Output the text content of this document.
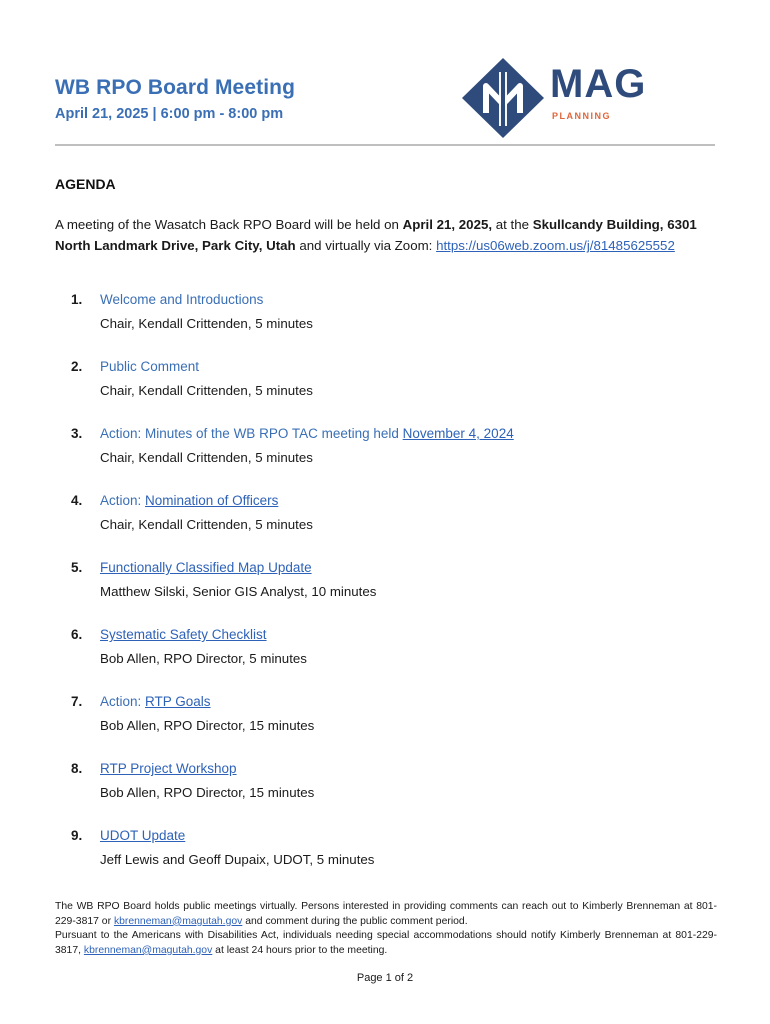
WB RPO Board Meeting
April 21, 2025 | 6:00 pm - 8:00 pm
MAG
PLANNING
AGENDA

A meeting of the Wasatch Back RPO Board will be held on April 21, 2025, at the Skullcandy Building, 6301 North Landmark Drive, Park City, Utah and virtually via Zoom: https://us06web.zoom.us/j/81485625552

1.	Welcome and Introductions
Chair, Kendall Crittenden, 5 minutes
2.	Public Comment
Chair, Kendall Crittenden, 5 minutes
3.	Action: Minutes of the WB RPO TAC meeting held November 4, 2024
Chair, Kendall Crittenden, 5 minutes
4.	Action: Nomination of Officers
Chair, Kendall Crittenden, 5 minutes
5.	Functionally Classified Map Update
Matthew Silski, Senior GIS Analyst, 10 minutes
6.	Systematic Safety Checklist
Bob Allen, RPO Director, 5 minutes
7.	Action: RTP Goals
Bob Allen, RPO Director, 15 minutes
8.	RTP Project Workshop
Bob Allen, RPO Director, 15 minutes
9.	UDOT Update
Jeff Lewis and Geoff Dupaix, UDOT, 5 minutes
The WB RPO Board holds public meetings virtually. Persons interested in providing comments can reach out to Kimberly Brenneman at 801-229-3817 or kbrenneman@magutah.gov and comment during the public comment period.
Pursuant to the Americans with Disabilities Act, individuals needing special accommodations should notify Kimberly Brenneman at 801-229-3817, kbrenneman@magutah.gov at least 24 hours prior to the meeting.
Page 1 of 2
